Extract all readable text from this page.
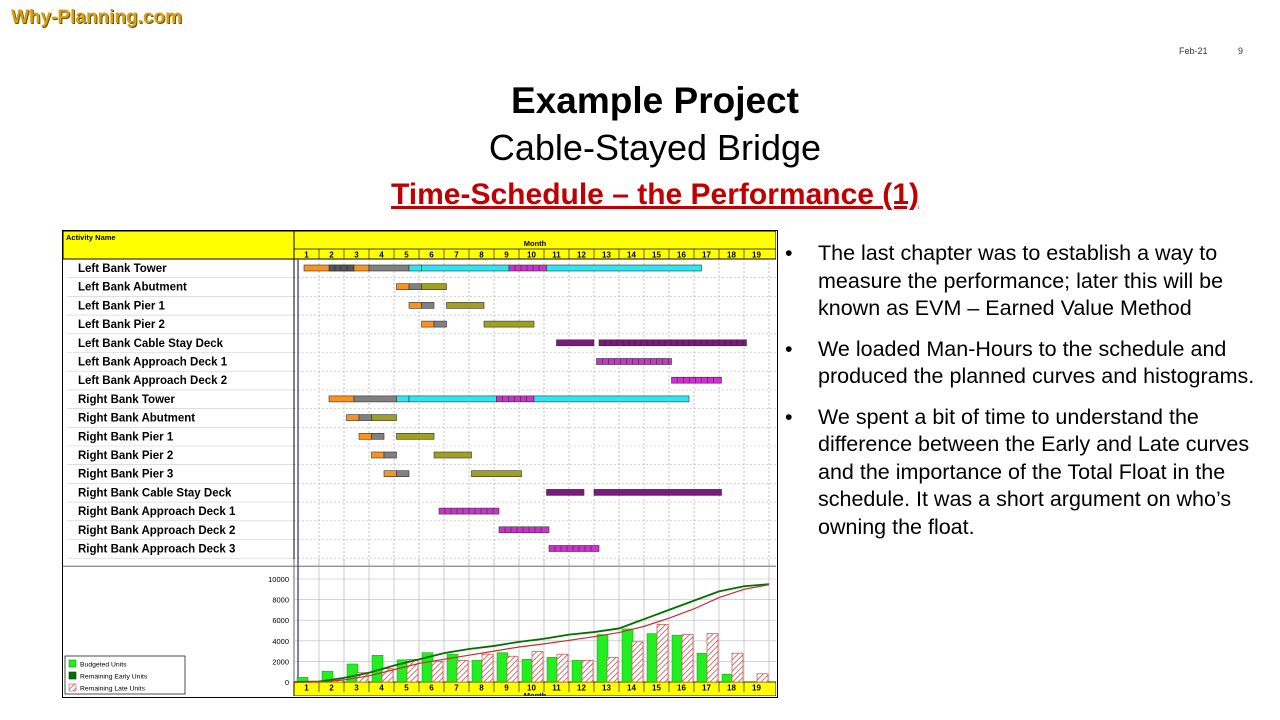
Why-Planning.com
Feb-21	9
Example Project
Cable-Stayed Bridge
Time-Schedule – the Performance (1)
Activity Name
Month
1	2	3	4	5	6	7	8	9 10 11 12 13 14 15 16 17 18 19
Left Bank Tower
Left Bank Abutment
Left Bank Pier 1
Left Bank Pier 2
Left Bank Cable Stay Deck
Left Bank Approach Deck 1
Left Bank Approach Deck 2
Right Bank Tower
Right Bank Abutment
Right Bank Pier 1
Right Bank Pier 2
Right Bank Pier 3
Right Bank Cable Stay Deck
Right Bank Approach Deck 1
Right Bank Approach Deck 2
Right Bank Approach Deck 3
10000
8000
6000
4000
2000
0
1	2	3	4	5	6	7	8	9 10 11 12 13 14 15 16 17 18 19
Month
Budgeted Units
Remaining Early Units
Remaining Late Units
• The last chapter was to establish a way to measure the performance; later this will be known as EVM – Earned Value Method
• We loaded Man-Hours to the schedule and produced the planned curves and histograms.
• We spent a bit of time to understand the difference between the Early and Late curves and the importance of the Total Float in the schedule. It was a short argument on who’s owning the float.
